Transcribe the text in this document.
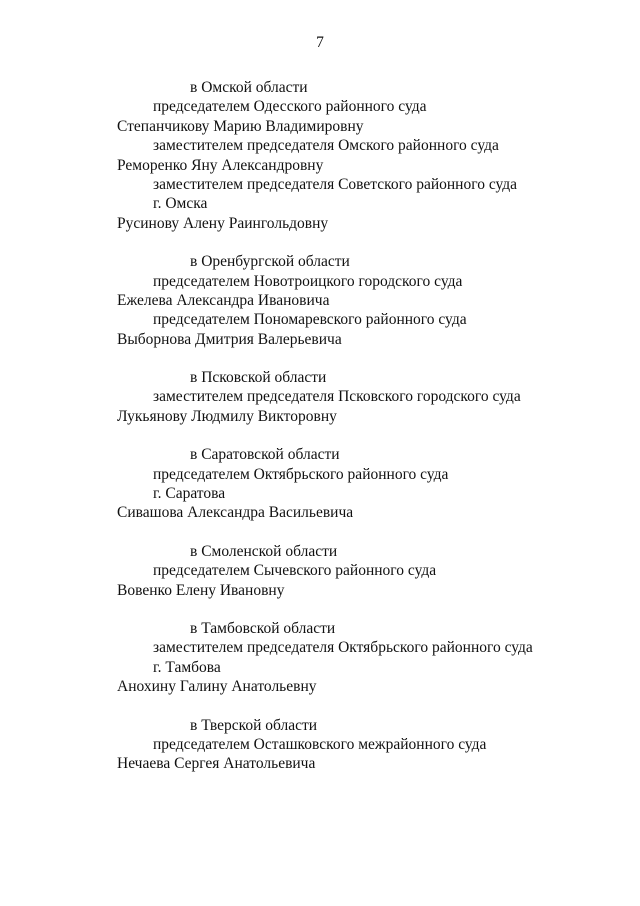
7
в Омской области
председателем Одесского районного суда
Степанчикову Марию Владимировну
заместителем председателя Омского районного суда
Реморенко Яну Александровну
заместителем председателя Советского районного суда
г. Омска
Русинову Алену Раингольдовну
в Оренбургской области
председателем Новотроицкого городского суда
Ежелева Александра Ивановича
председателем Пономаревского районного суда
Выборнова Дмитрия Валерьевича
в Псковской области
заместителем председателя Псковского городского суда
Лукьянову Людмилу Викторовну
в Саратовской области
председателем Октябрьского районного суда
г. Саратова
Сивашова Александра Васильевича
в Смоленской области
председателем Сычевского районного суда
Вовенко Елену Ивановну
в Тамбовской области
заместителем председателя Октябрьского районного суда
г. Тамбова
Анохину Галину Анатольевну
в Тверской области
председателем Осташковского межрайонного суда
Нечаева Сергея Анатольевича
